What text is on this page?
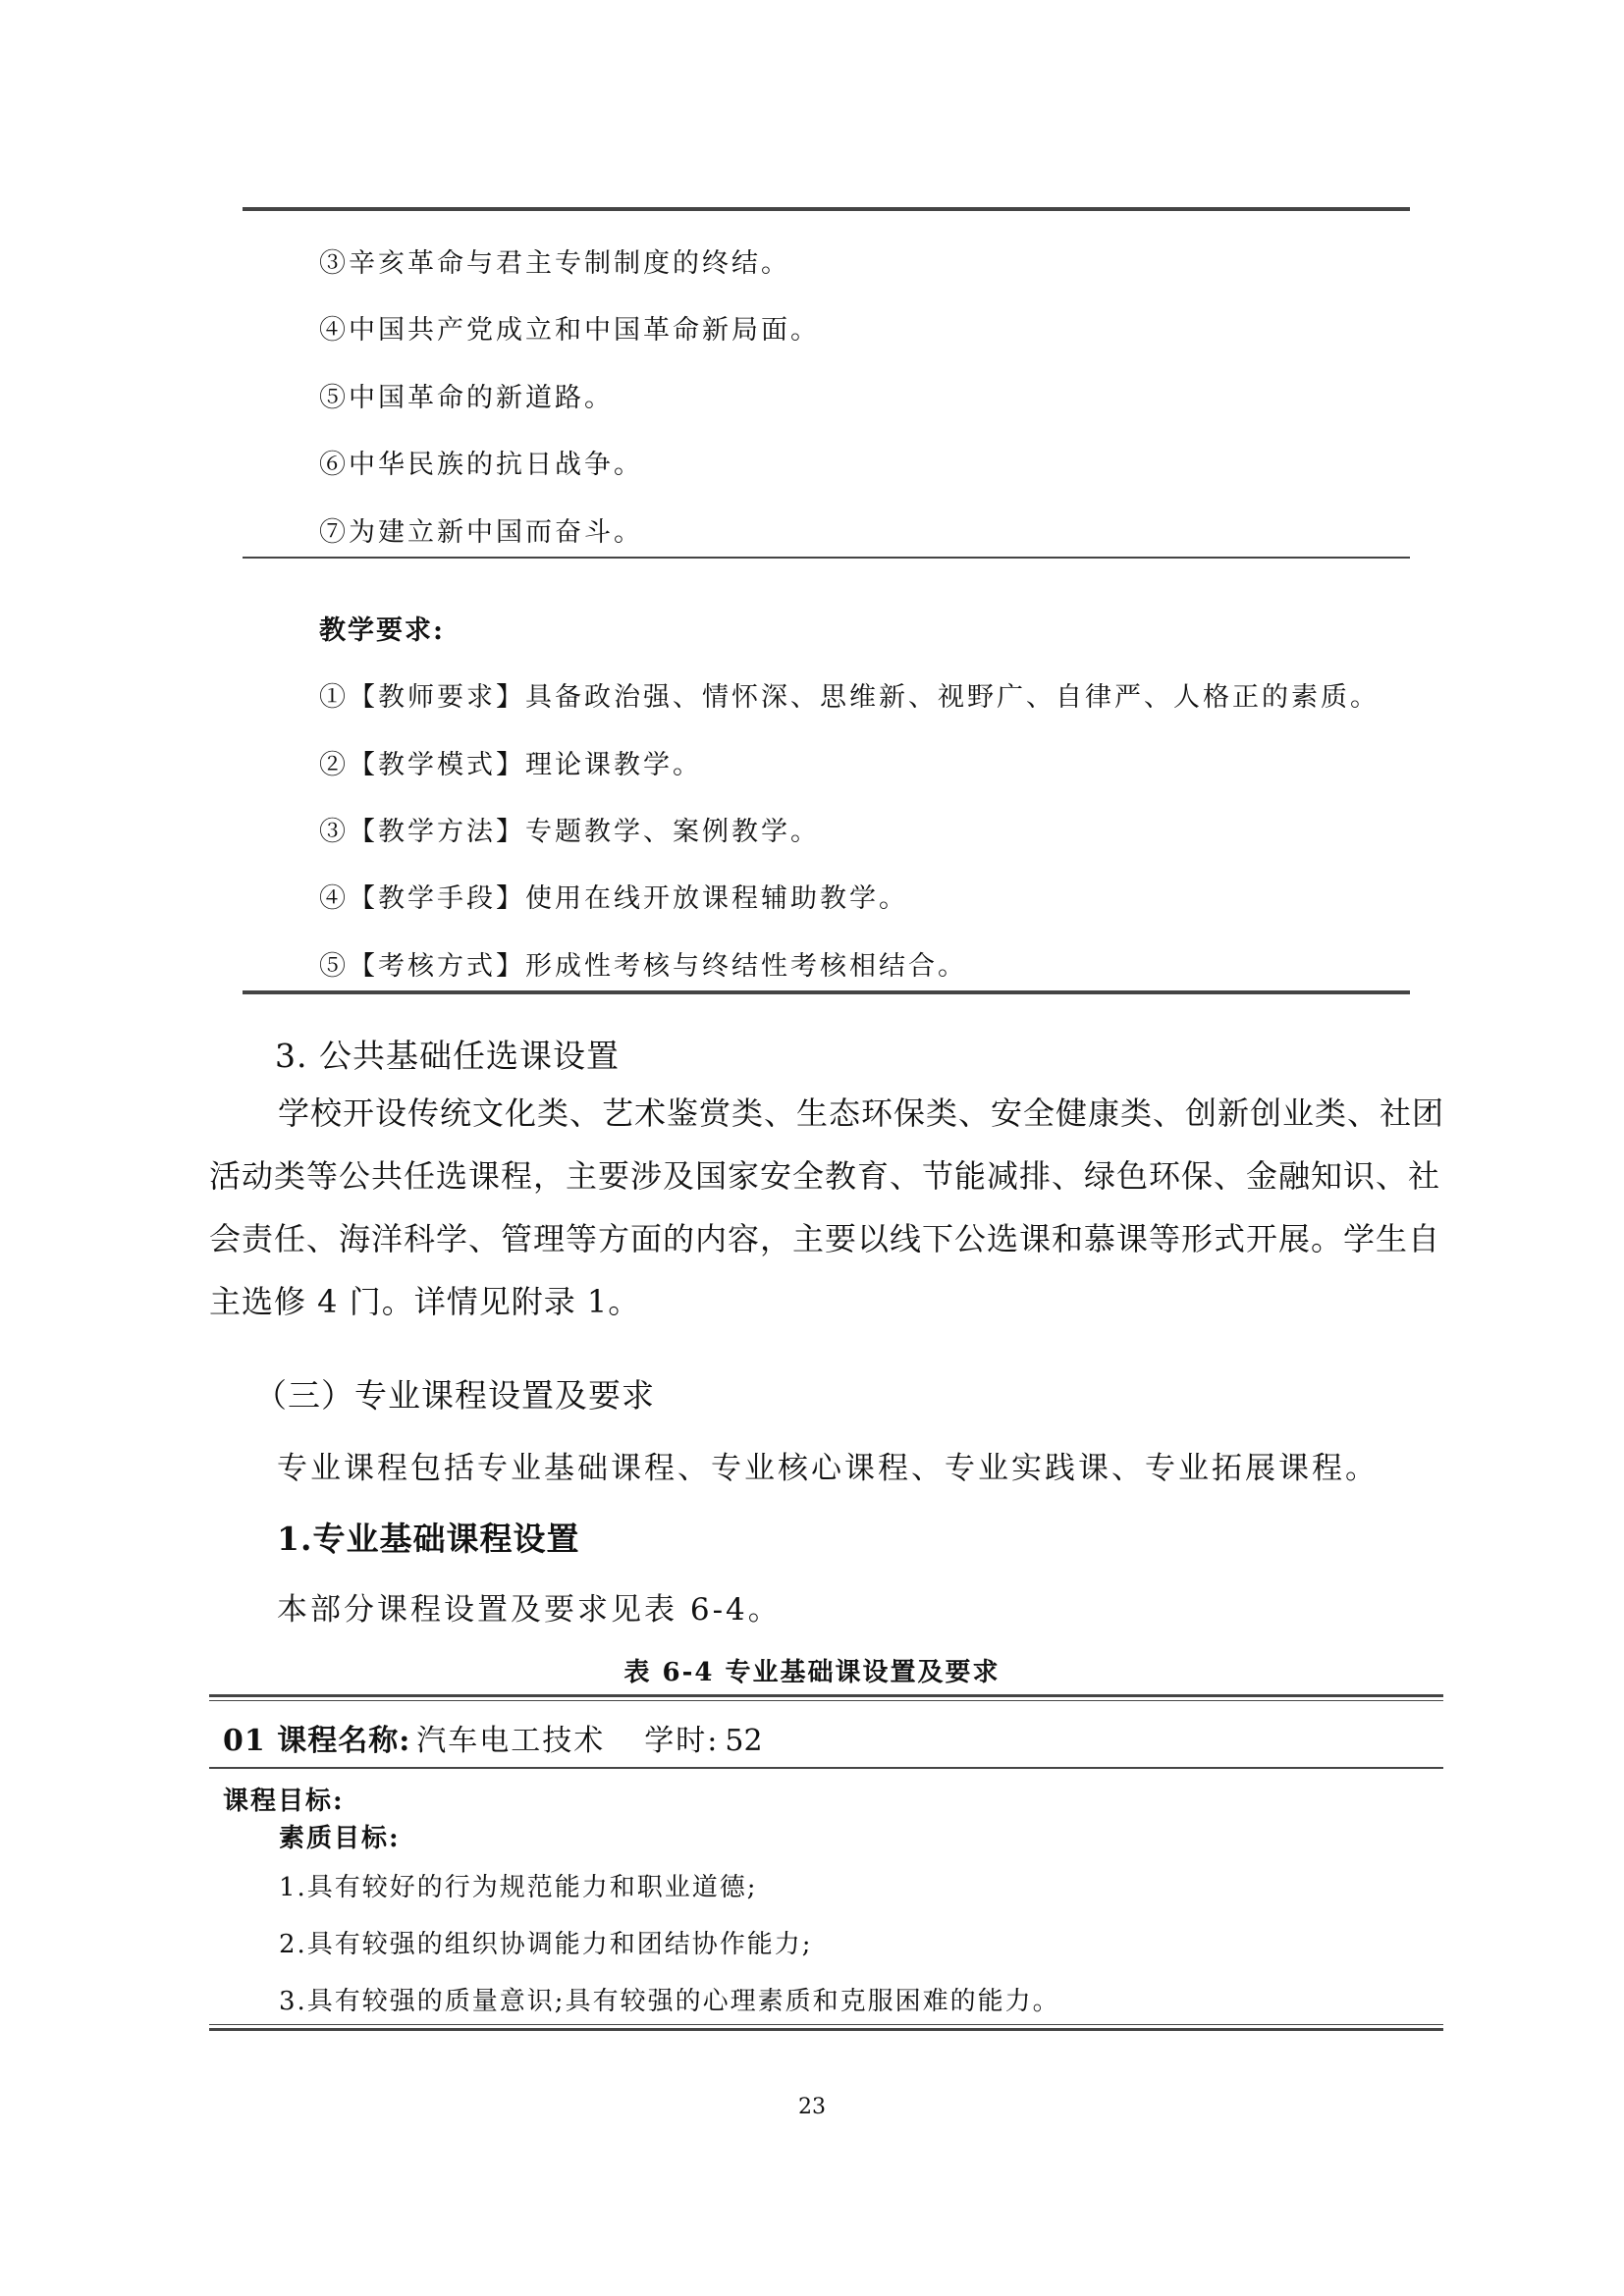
③辛亥革命与君主专制制度的终结。
④中国共产党成立和中国革命新局面。
⑤中国革命的新道路。
⑥中华民族的抗日战争。
⑦为建立新中国而奋斗。
教学要求:
①【教师要求】具备政治强、情怀深、思维新、视野广、自律严、人格正的素质。
②【教学模式】理论课教学。
③【教学方法】专题教学、案例教学。
④【教学手段】使用在线开放课程辅助教学。
⑤【考核方式】形成性考核与终结性考核相结合。
3. 公共基础任选课设置
学校开设传统文化类、艺术鉴赏类、生态环保类、安全健康类、创新创业类、社团
活动类等公共任选课程，主要涉及国家安全教育、节能减排、绿色环保、金融知识、社
会责任、海洋科学、管理等方面的内容，主要以线下公选课和慕课等形式开展。学生自
主选修 4 门。详情见附录 1。
（三）专业课程设置及要求
专业课程包括专业基础课程、专业核心课程、专业实践课、专业拓展课程。
1.专业基础课程设置
本部分课程设置及要求见表 6-4。
表 6-4 专业基础课设置及要求
01 课程名称: 汽车电工技术 学时: 52
课程目标:
素质目标:
1.具有较好的行为规范能力和职业道德;
2.具有较强的组织协调能力和团结协作能力;
3.具有较强的质量意识;具有较强的心理素质和克服困难的能力。
23
